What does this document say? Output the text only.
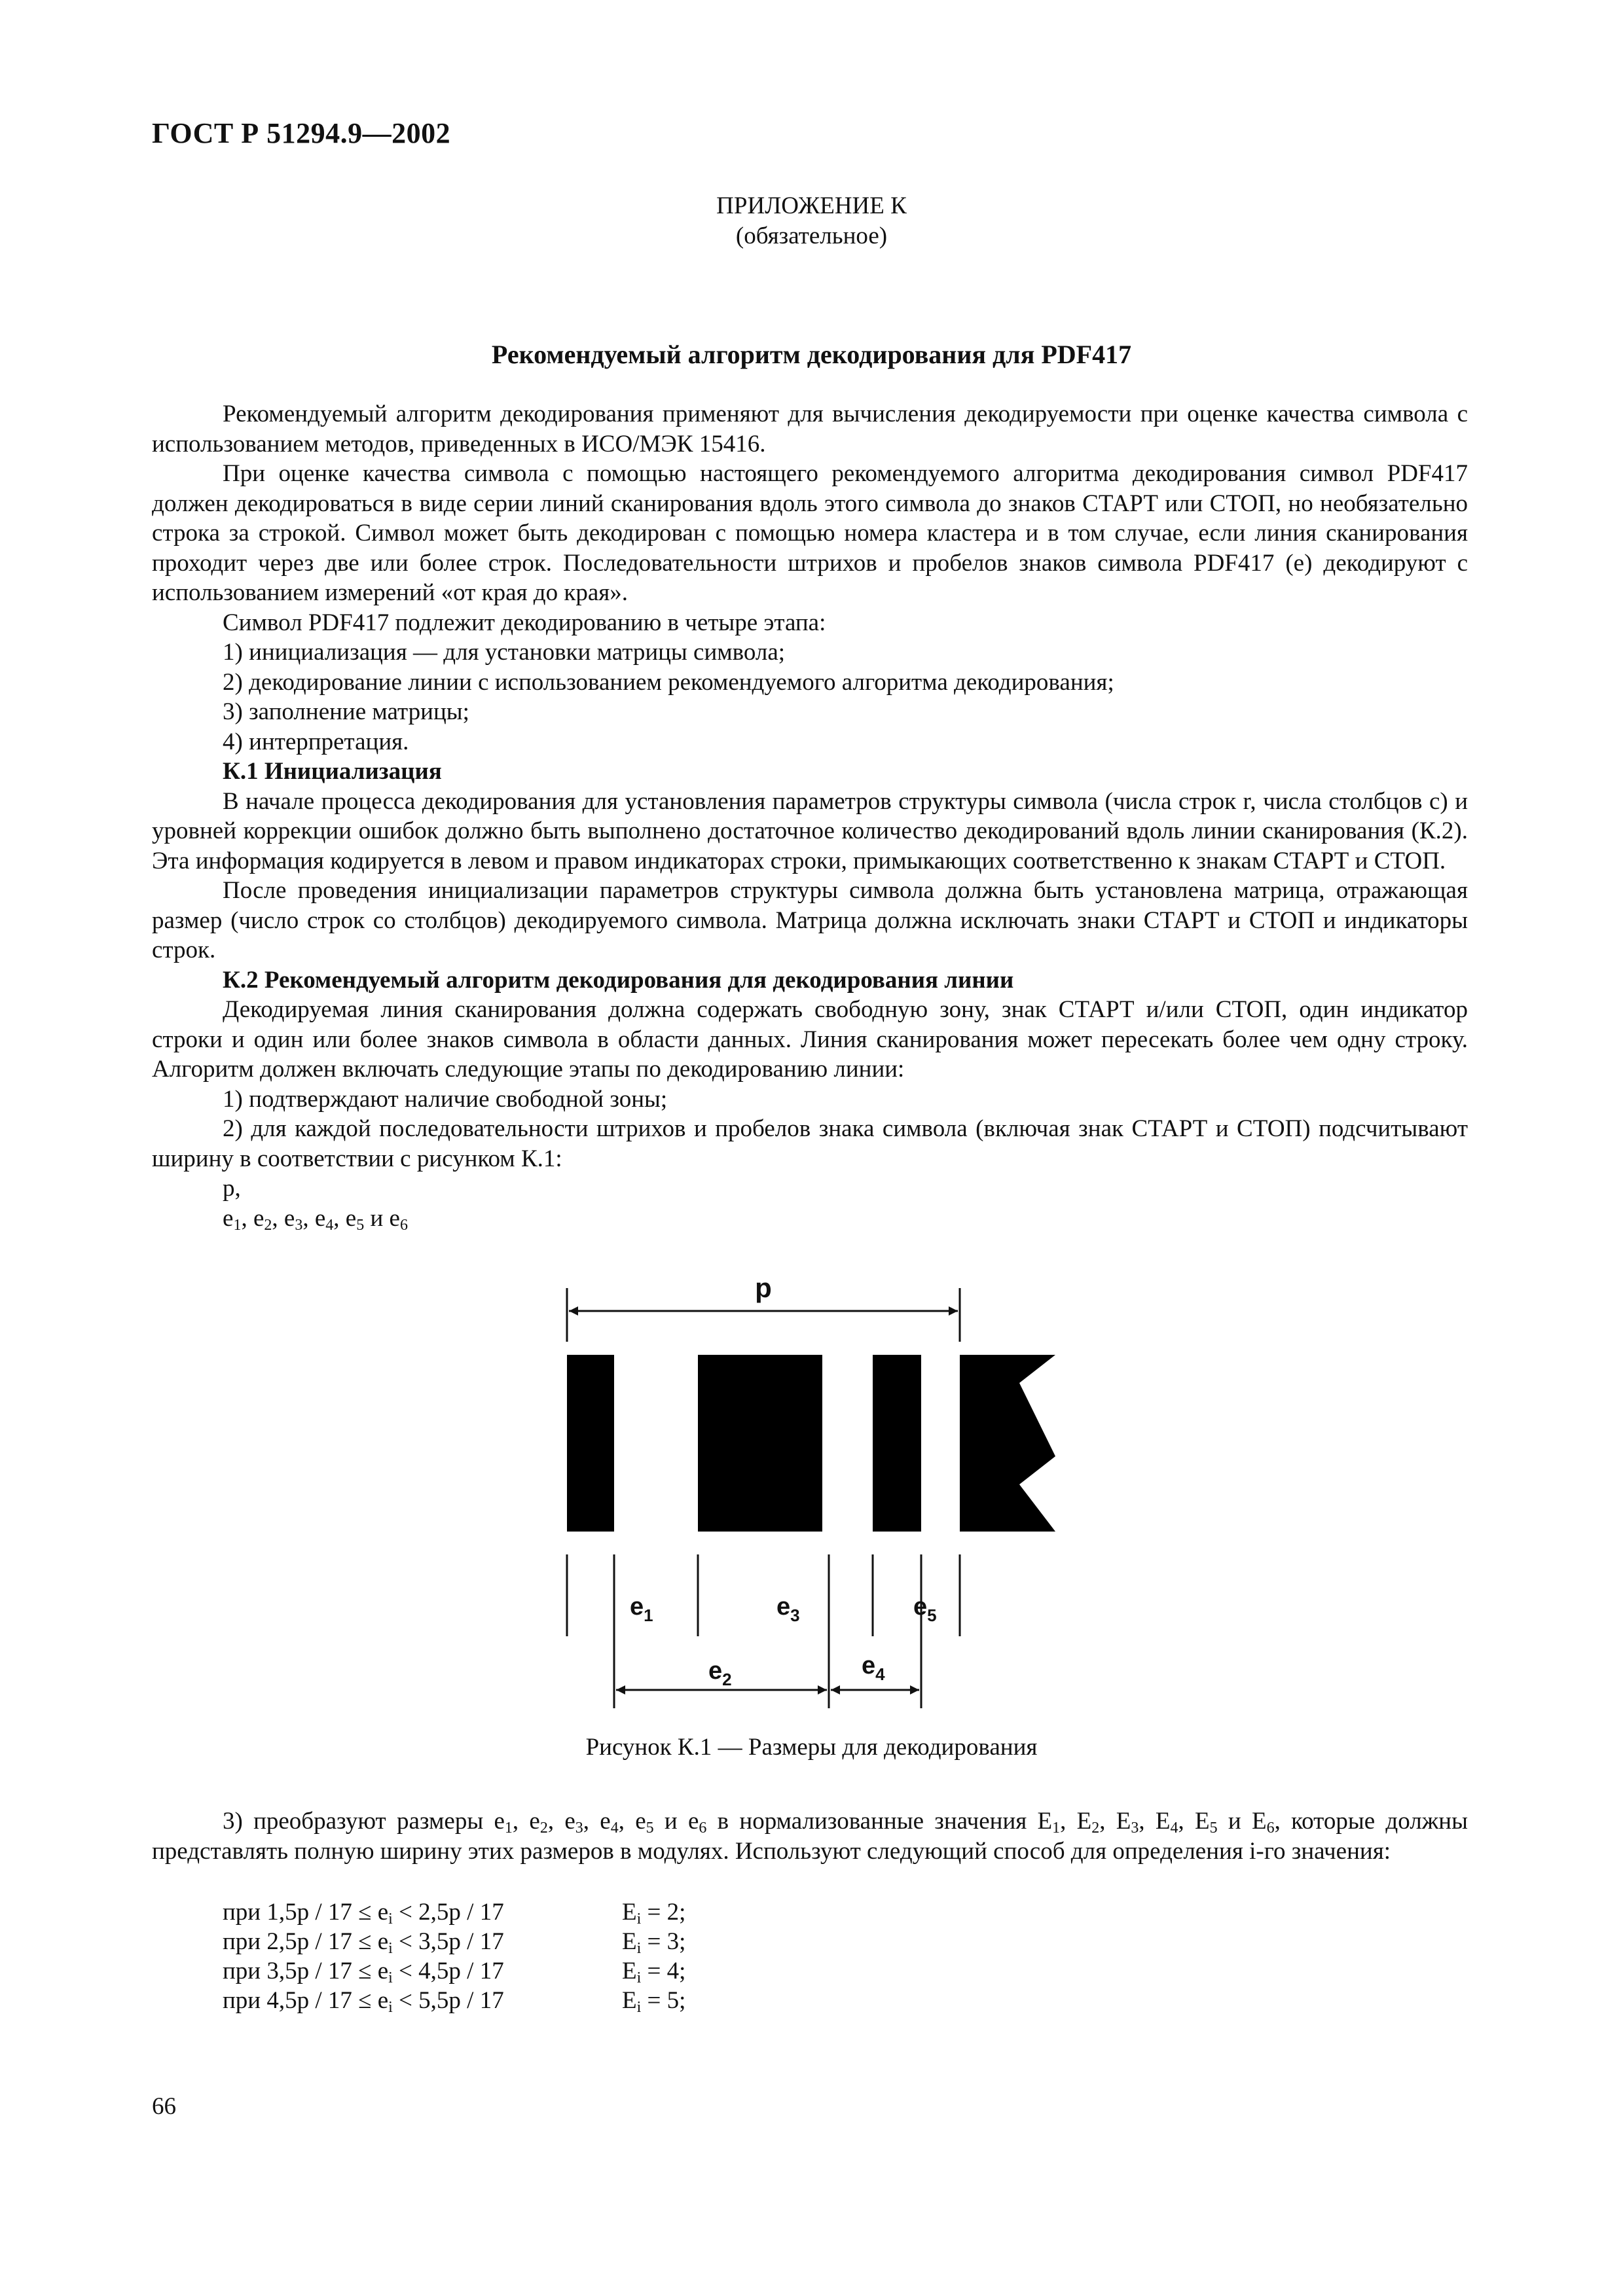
ГОСТ Р 51294.9—2002
ПРИЛОЖЕНИЕ К
(обязательное)
Рекомендуемый алгоритм декодирования для PDF417

Рекомендуемый алгоритм декодирования применяют для вычисления декодируемости при оценке качества символа с использованием методов, приведенных в ИСО/МЭК 15416.

При оценке качества символа с помощью настоящего рекомендуемого алгоритма декодирования символ PDF417 должен декодироваться в виде серии линий сканирования вдоль этого символа до знаков СТАРТ или СТОП, но необязательно строка за строкой. Символ может быть декодирован с помощью номера кластера и в том случае, если линия сканирования проходит через две или более строк. Последовательности штрихов и пробелов знаков символа PDF417 (е) декодируют с использованием измерений «от края до края».

Символ PDF417 подлежит декодированию в четыре этапа:

1) инициализация — для установки матрицы символа;

2) декодирование линии с использованием рекомендуемого алгоритма декодирования;

3) заполнение матрицы;

4) интерпретация.

К.1 Инициализация

В начале процесса декодирования для установления параметров структуры символа (числа строк r, числа столбцов c) и уровней коррекции ошибок должно быть выполнено достаточное количество декодирований вдоль линии сканирования (К.2). Эта информация кодируется в левом и правом индикаторах строки, примыкающих соответственно к знакам СТАРТ и СТОП.

После проведения инициализации параметров структуры символа должна быть установлена матрица, отражающая размер (число строк со столбцов) декодируемого символа. Матрица должна исключать знаки СТАРТ и СТОП и индикаторы строк.

К.2 Рекомендуемый алгоритм декодирования для декодирования линии

Декодируемая линия сканирования должна содержать свободную зону, знак СТАРТ и/или СТОП, один индикатор строки и один или более знаков символа в области данных. Линия сканирования может пересекать более чем одну строку. Алгоритм должен включать следующие этапы по декодированию линии:

1) подтверждают наличие свободной зоны;

2) для каждой последовательности штрихов и пробелов знака символа (включая знак СТАРТ и СТОП) подсчитывают ширину в соответствии с рисунком К.1:

p,

$e_1$, $e_2$, $e_3$, $e_4$, $e_5$ и $e_6$

p
$e_1$	$e_3$	$e_5$
$e_2$	$e_4$
Рисунок К.1 — Размеры для декодирования

3) преобразуют размеры $e_1$, $e_2$, $e_3$, $e_4$, $e_5$ и $e_6$ в нормализованные значения $E_1$, $E_2$, $E_3$, $E_4$, $E_5$ и $E_6$, которые должны представлять полную ширину этих размеров в модулях. Используют следующий способ для определения i-го значения:

при $1,5p / 17 \le e_i < 2,5p / 17$	$E_i = 2$;
при $2,5p / 17 \le e_i < 3,5p / 17$	$E_i = 3$;
при $3,5p / 17 \le e_i < 4,5p / 17$	$E_i = 4$;
при $4,5p / 17 \le e_i < 5,5p / 17$	$E_i = 5$;
66
